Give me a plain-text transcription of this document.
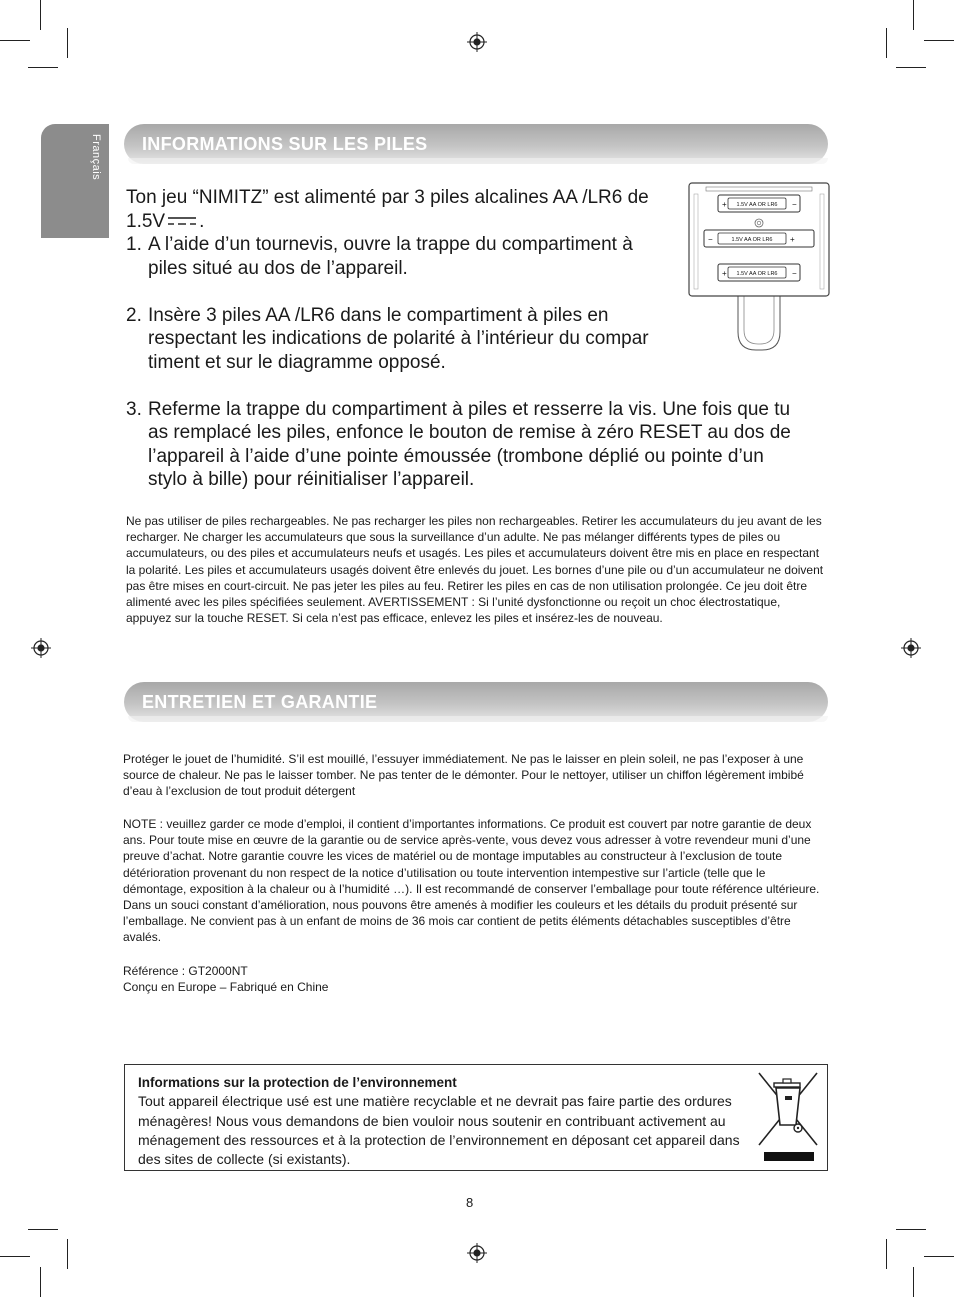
Français INFORMATIONS SUR LES PILES

Ton jeu “NIMITZ” est alimenté par 3 piles alcalines AA /LR6 de

1.5V .

1. A l’aide d’un tournevis, ouvre la trappe du compartiment à piles situé au dos de l’appareil.
2. Insère 3 piles AA /LR6 dans le compartiment à piles en respectant les indications de polarité à l’intérieur du compar timent et sur le diagramme opposé.
3. Referme la trappe du compartiment à piles et resserre la vis. Une fois que tu as remplacé les piles, enfonce le bouton de remise à zéro RESET au dos de l’appareil à l’aide d’une pointe émoussée (trombone déplié ou pointe d’un stylo à bille) pour réinitialiser l’appareil.
1.5V AA OR LR6
+	−
1.5V AA OR LR6
−	+
1.5V AA OR LR6
+	−

Ne pas utiliser de piles rechargeables. Ne pas recharger les piles non rechargeables. Retirer les accumulateurs du jeu avant de les recharger. Ne charger les accumulateurs que sous la surveillance d’un adulte. Ne pas mélanger différents types de piles ou accumulateurs, ou des piles et accumulateurs neufs et usagés. Les piles et accumulateurs doivent être mis en place en respectant la polarité. Les piles et accumulateurs usagés doivent être enlevés du jouet. Les bornes d’une pile ou d’un accumulateur ne doivent pas être mises en court-circuit. Ne pas jeter les piles au feu. Retirer les piles en cas de non utilisation prolongée. Ce jeu doit être alimenté avec les piles spécifiées seulement. AVERTISSEMENT : Si l’unité dysfonctionne ou reçoit un choc électrostatique, appuyez sur la touche RESET. Si cela n’est pas efficace, enlevez les piles et insérez-les de nouveau.

ENTRETIEN ET GARANTIE

Protéger le jouet de l’humidité. S’il est mouillé, l’essuyer immédiatement. Ne pas le laisser en plein soleil, ne pas l’exposer à une source de chaleur. Ne pas le laisser tomber. Ne pas tenter de le démonter. Pour le nettoyer, utiliser un chiffon légèrement imbibé d’eau à l’exclusion de tout produit détergent

NOTE : veuillez garder ce mode d’emploi, il contient d’importantes informations. Ce produit est couvert par notre garantie de deux ans. Pour toute mise en œuvre de la garantie ou de service après-vente, vous devez vous adresser à votre revendeur muni d’une preuve d’achat. Notre garantie couvre les vices de matériel ou de montage imputables au constructeur à l’exclusion de toute détérioration provenant du non respect de la notice d’utilisation ou toute intervention intempestive sur l’article (telle que le démontage, exposition à la chaleur ou à l’humidité …). Il est recommandé de conserver l’emballage pour toute référence ultérieure. Dans un souci constant d’amélioration, nous pouvons être amenés à modifier les couleurs et les détails du produit présenté sur l’emballage. Ne convient pas à un enfant de moins de 36 mois car contient de petits éléments détachables susceptibles d’être avalés.

Référence : GT2000NT

Conçu en Europe – Fabriqué en Chine

Informations sur la protection de l’environnement
Tout appareil électrique usé est une matière recyclable et ne devrait pas faire partie des ordures ménagères! Nous vous demandons de bien vouloir nous soutenir en contribuant activement au ménagement des ressources et à la protection de l’environnement en déposant cet appareil dans des sites de collecte (si existants).
8
